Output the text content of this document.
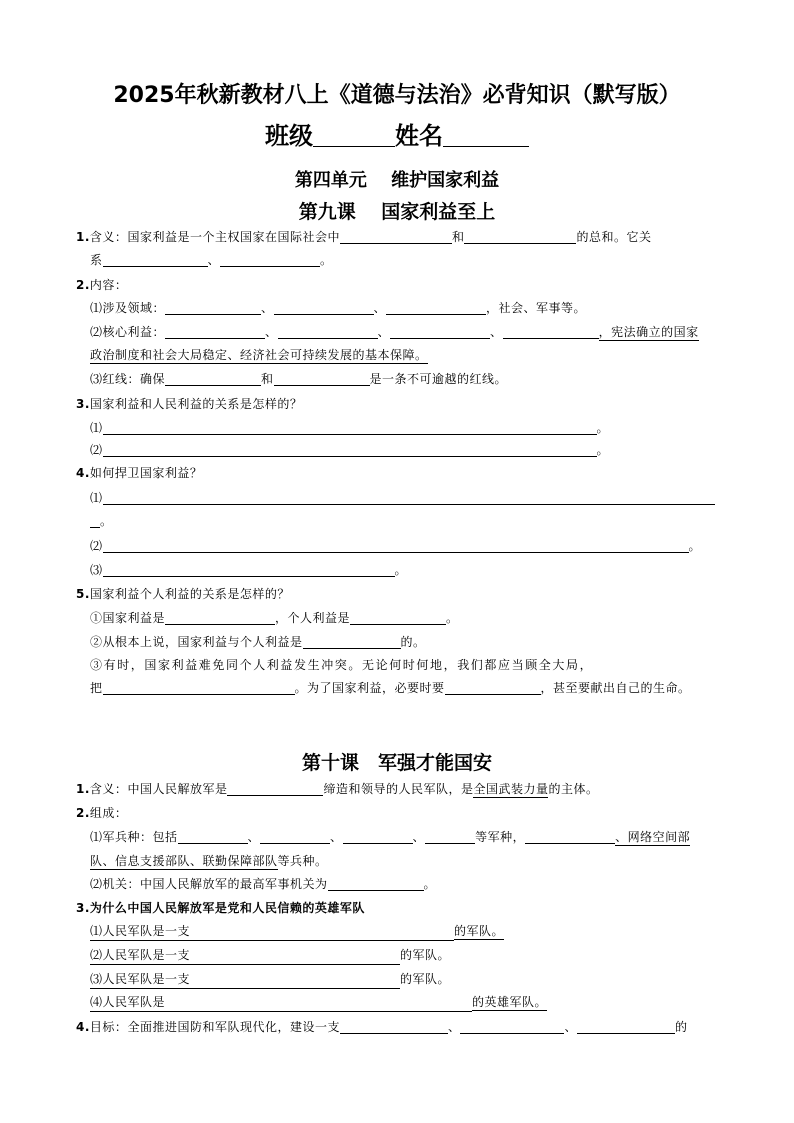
2025年秋新教材八上《道德与法治》必背知识（默写版）
班级	姓名
第四单元　 维护国家利益
第九课　 国家利益至上
1.含义：国家利益是一个主权国家在国际社会中	和	的总和。它关
系	、	。
2.内容：
⑴涉及领域：	、	、	，社会、军事等。
⑵核心利益：	、	、	、	，宪法确立的国家
政治制度和社会大局稳定、经济社会可持续发展的基本保障。
⑶红线：确保	和	是一条不可逾越的红线。
3.国家利益和人民利益的关系是怎样的？
⑴	。
⑵	。
4.如何捍卫国家利益？
⑴
。
⑵	。
⑶	。
5.国家利益个人利益的关系是怎样的？
①国家利益是	，个人利益是	。
②从根本上说，国家利益与个人利益是	的。
③有时，国家利益难免同个人利益发生冲突。无论何时何地，我们都应当顾全大局，
把	。为了国家利益，必要时要	，甚至要献出自己的生命。
第十课　军强才能国安
1.含义：中国人民解放军是	缔造和领导的人民军队，是全国武装力量的主体。
2.组成：
⑴军兵种：包括	、	、	、	等军种，	、网络空间部
队、信息支援部队、联勤保障部队等兵种。
⑵机关：中国人民解放军的最高军事机关为	。
3.为什么中国人民解放军是党和人民信赖的英雄军队
⑴人民军队是一支	的军队。
⑵人民军队是一支	的军队。
⑶人民军队是一支	的军队。
⑷人民军队是	的英雄军队。
4.目标：全面推进国防和军队现代化，建设一支	、	、	的
